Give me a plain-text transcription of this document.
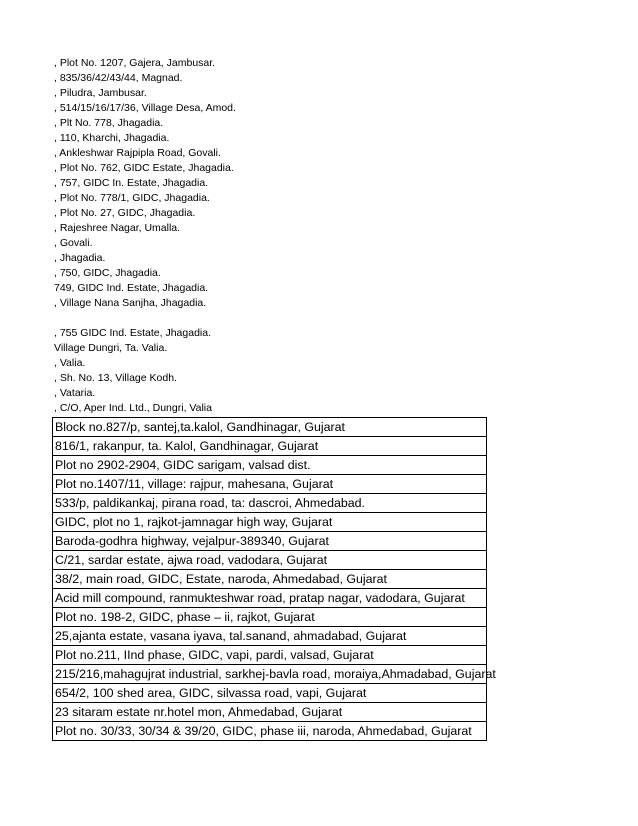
, Plot No. 1207, Gajera, Jambusar.
, 835/36/42/43/44, Magnad.
, Piludra, Jambusar.
, 514/15/16/17/36, Village Desa, Amod.
, Plt No. 778, Jhagadia.
, 110, Kharchi, Jhagadia.
, Ankleshwar Rajpipla Road, Govali.
, Plot No. 762, GIDC Estate, Jhagadia.
, 757, GIDC In. Estate, Jhagadia.
, Plot No. 778/1, GIDC, Jhagadia.
, Plot No. 27, GIDC, Jhagadia.
, Rajeshree Nagar, Umalla.
, Govali.
, Jhagadia.
, 750, GIDC, Jhagadia.
749, GIDC Ind. Estate, Jhagadia.
, Village Nana Sanjha, Jhagadia.
, 755 GIDC Ind. Estate, Jhagadia.
Village Dungri, Ta. Valia.
, Valia.
, Sh. No. 13, Village Kodh.
, Vataria.
, C/O, Aper Ind. Ltd., Dungri, Valia
Block no.827/p, santej,ta.kalol, Gandhinagar, Gujarat
816/1, rakanpur, ta. Kalol, Gandhinagar, Gujarat
Plot no 2902-2904, GIDC sarigam, valsad dist.
Plot no.1407/11, village: rajpur, mahesana, Gujarat
533/p, paldikankaj, pirana road, ta: dascroi, Ahmedabad.
GIDC, plot no 1, rajkot-jamnagar high way, Gujarat
Baroda-godhra highway, vejalpur-389340, Gujarat
C/21, sardar estate, ajwa road, vadodara, Gujarat
38/2, main road, GIDC, Estate, naroda, Ahmedabad, Gujarat
Acid mill compound, ranmukteshwar road, pratap nagar, vadodara, Gujarat
Plot no. 198-2, GIDC, phase – ii, rajkot, Gujarat
25,ajanta estate, vasana iyava, tal.sanand, ahmadabad, Gujarat
Plot no.211, IInd phase, GIDC, vapi, pardi, valsad, Gujarat
215/216,mahagujrat industrial, sarkhej-bavla road, moraiya,Ahmadabad, Gujarat
654/2, 100 shed area, GIDC, silvassa road, vapi, Gujarat
23 sitaram estate nr.hotel mon, Ahmedabad, Gujarat
Plot no. 30/33, 30/34 & 39/20, GIDC, phase iii, naroda, Ahmedabad, Gujarat
